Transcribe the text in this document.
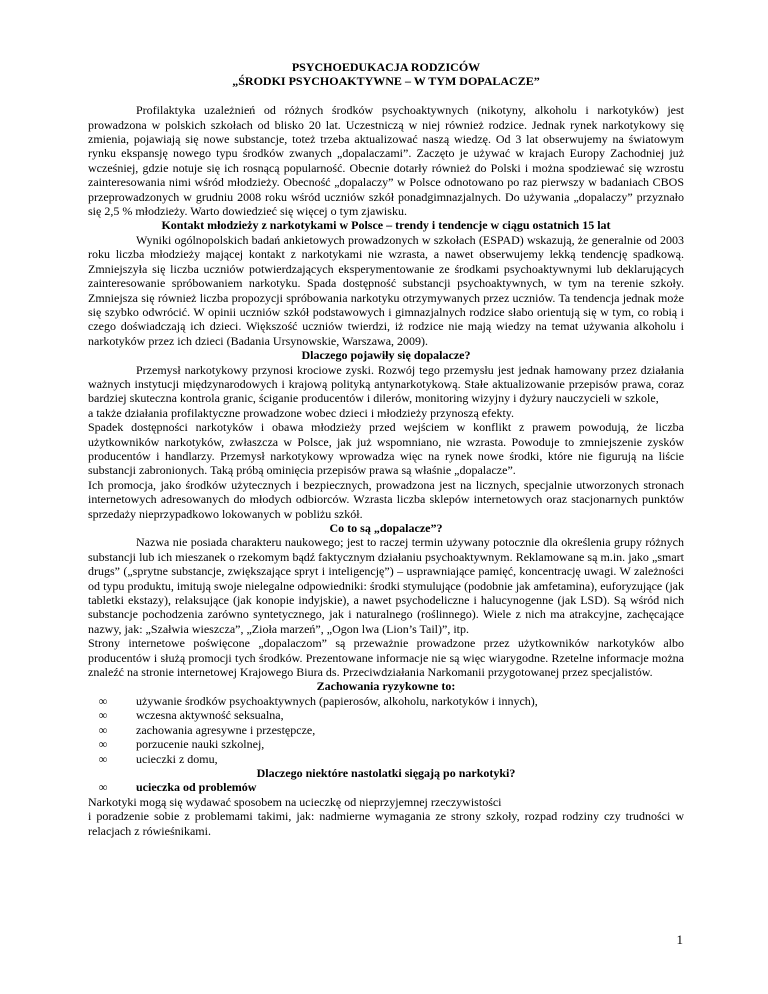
PSYCHOEDUKACJA RODZICÓW

„ŚRODKI PSYCHOAKTYWNE – W TYM DOPALACZE”

Profilaktyka uzależnień od różnych środków psychoaktywnych (nikotyny, alkoholu i narkotyków) jest prowadzona w polskich szkołach od blisko 20 lat. Uczestniczą w niej również rodzice. Jednak rynek narkotykowy się zmienia, pojawiają się nowe substancje, toteż trzeba aktualizować naszą wiedzę. Od 3 lat obserwujemy na światowym rynku ekspansję nowego typu środków zwanych „dopalaczami”. Zaczęto je używać w krajach Europy Zachodniej już wcześniej, gdzie notuje się ich rosnącą popularność. Obecnie dotarły również do Polski i można spodziewać się wzrostu zainteresowania nimi wśród młodzieży. Obecność „dopalaczy” w Polsce odnotowano po raz pierwszy w badaniach CBOS przeprowadzonych w grudniu 2008 roku wśród uczniów szkół ponadgimnazjalnych. Do używania „dopalaczy” przyznało się 2,5 % młodzieży. Warto dowiedzieć się więcej o tym zjawisku.

Kontakt młodzieży z narkotykami w Polsce – trendy i tendencje w ciągu ostatnich 15 lat

Wyniki ogólnopolskich badań ankietowych prowadzonych w szkołach (ESPAD) wskazują, że generalnie od 2003 roku liczba młodzieży mającej kontakt z narkotykami nie wzrasta, a nawet obserwujemy lekką tendencję spadkową. Zmniejszyła się liczba uczniów potwierdzających eksperymentowanie ze środkami psychoaktywnymi lub deklarujących zainteresowanie spróbowaniem narkotyku. Spada dostępność substancji psychoaktywnych, w tym na terenie szkoły. Zmniejsza się również liczba propozycji spróbowania narkotyku otrzymywanych przez uczniów. Ta tendencja jednak może się szybko odwrócić. W opinii uczniów szkół podstawowych i gimnazjalnych rodzice słabo orientują się w tym, co robią i czego doświadczają ich dzieci. Większość uczniów twierdzi, iż rodzice nie mają wiedzy na temat używania alkoholu i narkotyków przez ich dzieci (Badania Ursynowskie, Warszawa, 2009).

Dlaczego pojawiły się dopalacze?

Przemysł narkotykowy przynosi krociowe zyski. Rozwój tego przemysłu jest jednak hamowany przez działania ważnych instytucji międzynarodowych i krajową polityką antynarkotykową. Stałe aktualizowanie przepisów prawa, coraz bardziej skuteczna kontrola granic, ściganie producentów i dilerów, monitoring wizyjny i dyżury nauczycieli w szkole,

a także działania profilaktyczne prowadzone wobec dzieci i młodzieży przynoszą efekty.

Spadek dostępności narkotyków i obawa młodzieży przed wejściem w konflikt z prawem powodują, że liczba użytkowników narkotyków, zwłaszcza w Polsce, jak już wspomniano, nie wzrasta. Powoduje to zmniejszenie zysków producentów i handlarzy. Przemysł narkotykowy wprowadza więc na rynek nowe środki, które nie figurują na liście substancji zabronionych. Taką próbą ominięcia przepisów prawa są właśnie „dopalacze”.

Ich promocja, jako środków użytecznych i bezpiecznych, prowadzona jest na licznych, specjalnie utworzonych stronach internetowych adresowanych do młodych odbiorców. Wzrasta liczba sklepów internetowych oraz stacjonarnych punktów sprzedaży nieprzypadkowo lokowanych w pobliżu szkół.

Co to są „dopalacze”?

Nazwa nie posiada charakteru naukowego; jest to raczej termin używany potocznie dla określenia grupy różnych substancji lub ich mieszanek o rzekomym bądź faktycznym działaniu psychoaktywnym. Reklamowane są m.in. jako „smart drugs” („sprytne substancje, zwiększające spryt i inteligencję”) – usprawniające pamięć, koncentrację uwagi. W zależności od typu produktu, imitują swoje nielegalne odpowiedniki: środki stymulujące (podobnie jak amfetamina), euforyzujące (jak tabletki ekstazy), relaksujące (jak konopie indyjskie), a nawet psychodeliczne i halucynogenne (jak LSD). Są wśród nich substancje pochodzenia zarówno syntetycznego, jak i naturalnego (roślinnego). Wiele z nich ma atrakcyjne, zachęcające nazwy, jak: „Szałwia wieszcza”, „Zioła marzeń”, „Ogon lwa (Lion’s Tail)”, itp.

Strony internetowe poświęcone „dopalaczom” są przeważnie prowadzone przez użytkowników narkotyków albo producentów i służą promocji tych środków. Prezentowane informacje nie są więc wiarygodne. Rzetelne informacje można znaleźć na stronie internetowej Krajowego Biura ds. Przeciwdziałania Narkomanii przygotowanej przez specjalistów.

Zachowania ryzykowne to:

∞	używanie środków psychoaktywnych (papierosów, alkoholu, narkotyków i innych),
∞	wczesna aktywność seksualna,
∞	zachowania agresywne i przestępcze,
∞	porzucenie nauki szkolnej,
∞	ucieczki z domu,

Dlaczego niektóre nastolatki sięgają po narkotyki?

∞	ucieczka od problemów

Narkotyki mogą się wydawać sposobem na ucieczkę od nieprzyjemnej rzeczywistości

i poradzenie sobie z problemami takimi, jak: nadmierne wymagania ze strony szkoły, rozpad rodziny czy trudności w relacjach z rówieśnikami.

1
